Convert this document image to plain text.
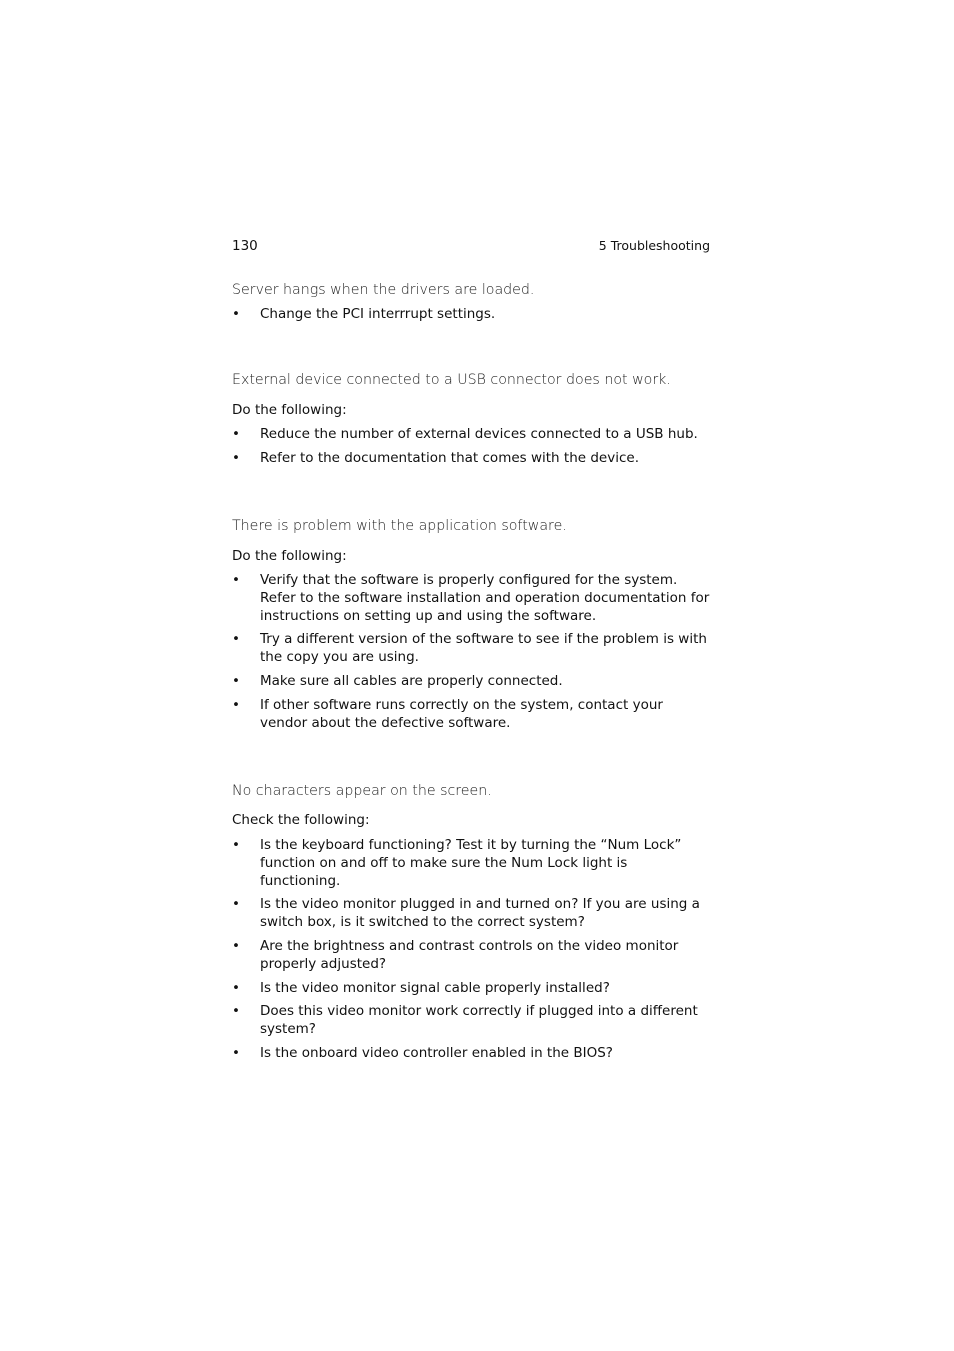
130	5 Troubleshooting
Server hangs when the drivers are loaded.
• Change the PCI interrrupt settings.
External device connected to a USB connector does not work.
Do the following:
• Reduce the number of external devices connected to a USB hub.
• Refer to the documentation that comes with the device.
There is problem with the application software.
Do the following:
• Verify that the software is properly configured for the system. Refer to the software installation and operation documentation for instructions on setting up and using the software.
• Try a different version of the software to see if the problem is with the copy you are using.
• Make sure all cables are properly connected.
• If other software runs correctly on the system, contact your vendor about the defective software.
No characters appear on the screen.
Check the following:
• Is the keyboard functioning? Test it by turning the “Num Lock” function on and off to make sure the Num Lock light is functioning.
• Is the video monitor plugged in and turned on? If you are using a switch box, is it switched to the correct system?
• Are the brightness and contrast controls on the video monitor properly adjusted?
• Is the video monitor signal cable properly installed?
• Does this video monitor work correctly if plugged into a different system?
• Is the onboard video controller enabled in the BIOS?
